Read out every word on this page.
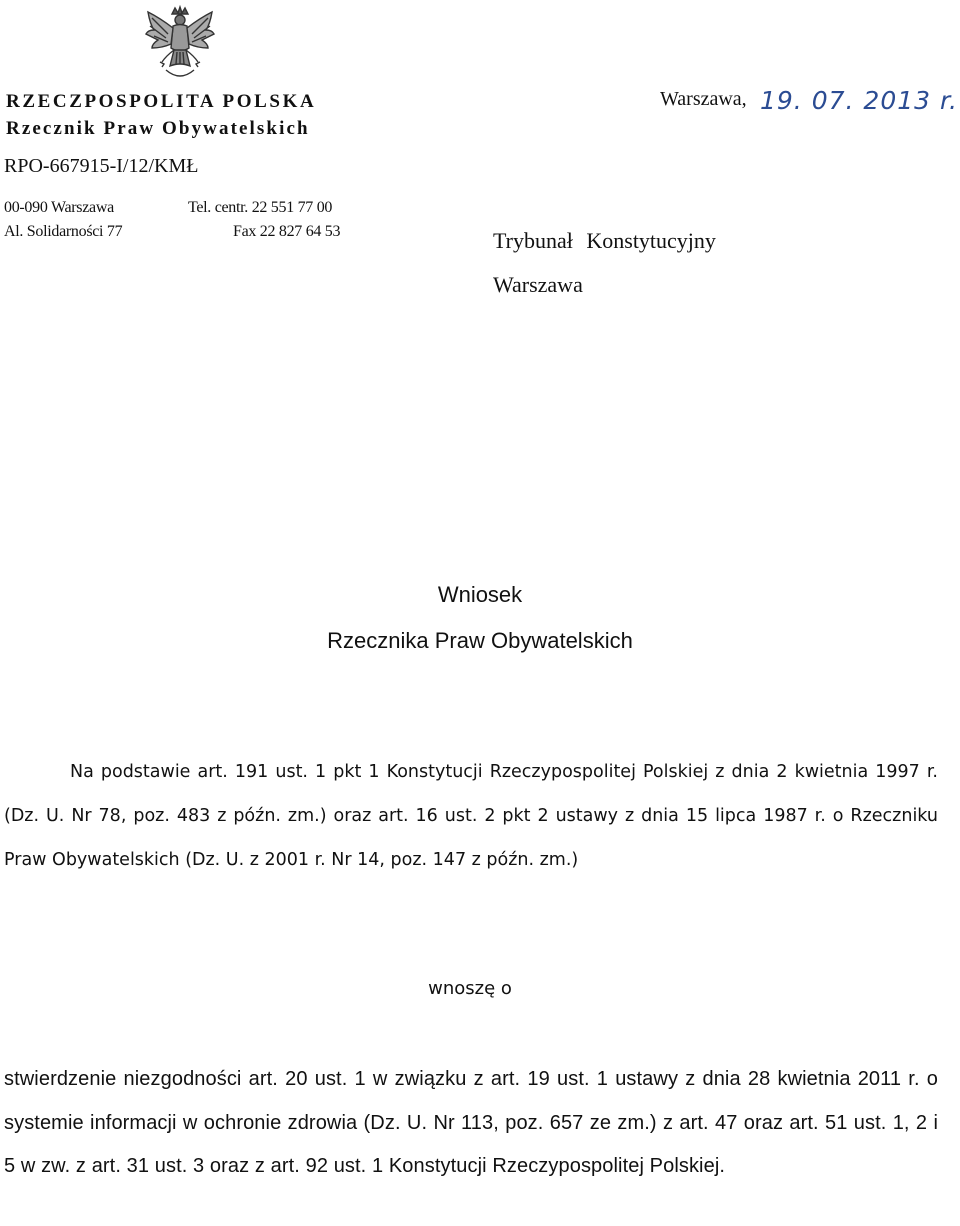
RZECZPOSPOLITA POLSKA
Rzecznik Praw Obywatelskich
RPO-667915-I/12/KMŁ
00-090 Warszawa	Tel. centr. 22 551 77 00
Al. Solidarności 77	Fax 22 827 64 53
Warszawa, 19. 07. 2013 r.
Trybunał Konstytucyjny
Warszawa
Wniosek
Rzecznika Praw Obywatelskich
Na podstawie art. 191 ust. 1 pkt 1 Konstytucji Rzeczypospolitej Polskiej z dnia 2 kwietnia 1997 r. (Dz. U. Nr 78, poz. 483 z późn. zm.) oraz art. 16 ust. 2 pkt 2 ustawy z dnia 15 lipca 1987 r. o Rzeczniku Praw Obywatelskich (Dz. U. z 2001 r. Nr 14, poz. 147 z późn. zm.)
wnoszę o
stwierdzenie niezgodności art. 20 ust. 1 w związku z art. 19 ust. 1 ustawy z dnia 28 kwietnia 2011 r. o systemie informacji w ochronie zdrowia (Dz. U. Nr 113, poz. 657 ze zm.) z art. 47 oraz art. 51 ust. 1, 2 i 5 w zw. z art. 31 ust. 3 oraz z art. 92 ust. 1 Konstytucji Rzeczypospolitej Polskiej.
